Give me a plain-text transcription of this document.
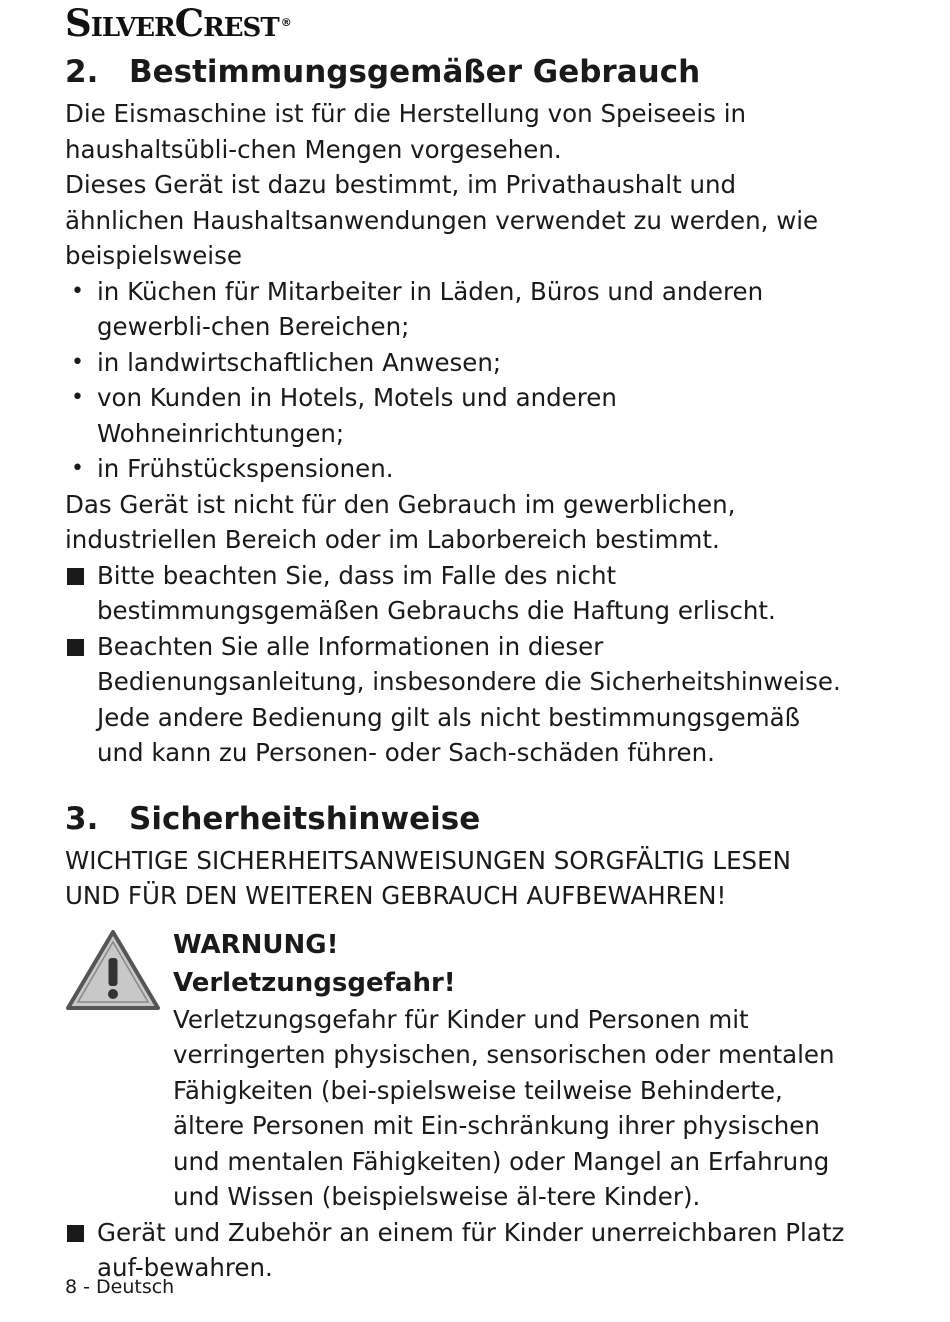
SilverCrest ®
2. Bestimmungsgemäßer Gebrauch

Die Eismaschine ist für die Herstellung von Speiseeis in haushaltsübli-chen Mengen vorgesehen.

Dieses Gerät ist dazu bestimmt, im Privathaushalt und ähnlichen Haushaltsanwendungen verwendet zu werden, wie beispielsweise

• in Küchen für Mitarbeiter in Läden, Büros und anderen gewerbli-chen Bereichen;
• in landwirtschaftlichen Anwesen;
• von Kunden in Hotels, Motels und anderen Wohneinrichtungen;
• in Frühstückspensionen.

Das Gerät ist nicht für den Gebrauch im gewerblichen, industriellen Bereich oder im Laborbereich bestimmt.

Bitte beachten Sie, dass im Falle des nicht bestimmungsgemäßen Gebrauchs die Haftung erlischt.
Beachten Sie alle Informationen in dieser Bedienungsanleitung, insbesondere die Sicherheitshinweise. Jede andere Bedienung gilt als nicht bestimmungsgemäß und kann zu Personen- oder Sach-schäden führen.
3. Sicherheitshinweise

WICHTIGE SICHERHEITSANWEISUNGEN SORGFÄLTIG LESEN UND FÜR DEN WEITEREN GEBRAUCH AUFBEWAHREN!

WARNUNG!
Verletzungsgefahr!

Verletzungsgefahr für Kinder und Personen mit verringerten physischen, sensorischen oder mentalen Fähigkeiten (bei-spielsweise teilweise Behinderte, ältere Personen mit Ein-schränkung ihrer physischen und mentalen Fähigkeiten) oder Mangel an Erfahrung und Wissen (beispielsweise äl-tere Kinder).

Gerät und Zubehör an einem für Kinder unerreichbaren Platz auf-bewahren.
8 - Deutsch
